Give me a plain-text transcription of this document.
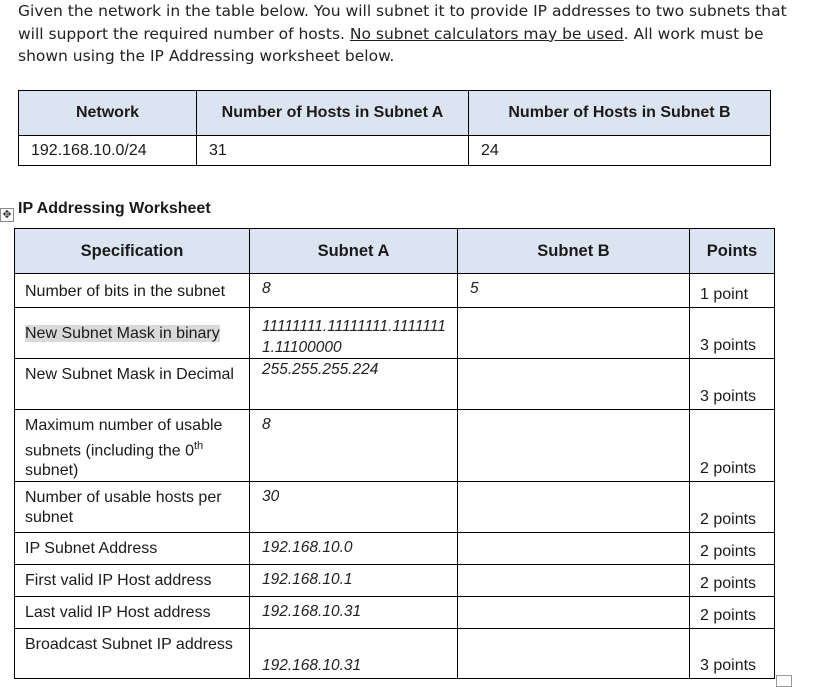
Given the network in the table below. You will subnet it to provide IP addresses to two subnets that will support the required number of hosts. No subnet calculators may be used. All work must be shown using the IP Addressing worksheet below.
Network	Number of Hosts in Subnet A	Number of Hosts in Subnet B
192.168.10.0/24	31	24
✥ IP Addressing Worksheet
Specification	Subnet A	Subnet B	Points
Number of bits in the subnet	8	5	1 point
New Subnet Mask in binary	11111111.11111111.11111111.11100000		3 points
New Subnet Mask in Decimal	255.255.255.224		3 points
Maximum number of usable subnets (including the 0th subnet)	8		2 points
Number of usable hosts per subnet	30		2 points
IP Subnet Address	192.168.10.0		2 points
First valid IP Host address	192.168.10.1		2 points
Last valid IP Host address	192.168.10.31		2 points
Broadcast Subnet IP address	192.168.10.31		3 points
